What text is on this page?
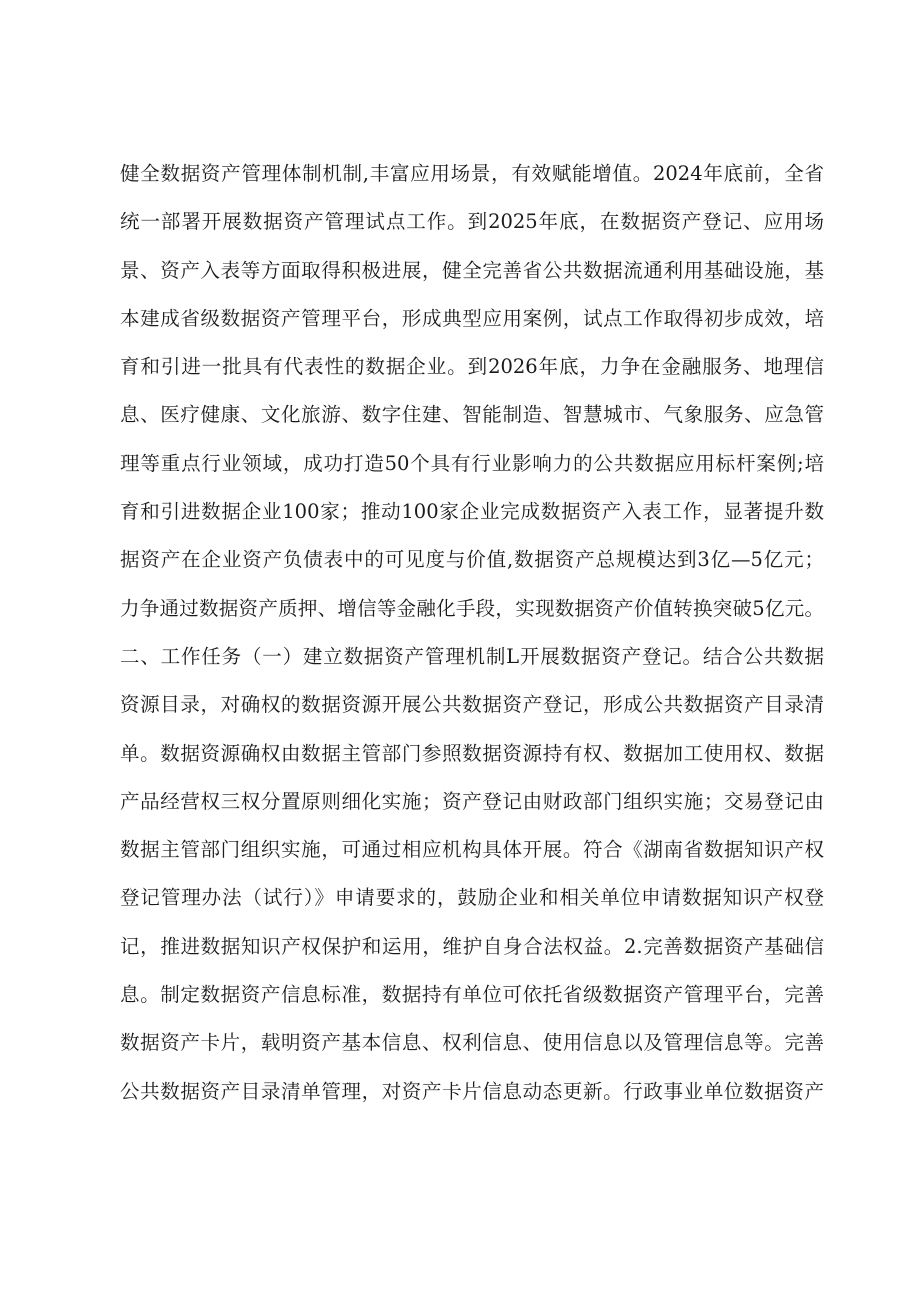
健全数据资产管理体制机制,丰富应用场景，有效赋能增值。2024年底前，全省
统一部署开展数据资产管理试点工作。到2025年底，在数据资产登记、应用场
景、资产入表等方面取得积极进展，健全完善省公共数据流通利用基础设施，基
本建成省级数据资产管理平台，形成典型应用案例，试点工作取得初步成效，培
育和引进一批具有代表性的数据企业。到2026年底，力争在金融服务、地理信
息、医疗健康、文化旅游、数字住建、智能制造、智慧城市、气象服务、应急管
理等重点行业领域，成功打造50个具有行业影响力的公共数据应用标杆案例;培
育和引进数据企业100家；推动100家企业完成数据资产入表工作，显著提升数
据资产在企业资产负债表中的可见度与价值,数据资产总规模达到3亿—5亿元；
力争通过数据资产质押、增信等金融化手段，实现数据资产价值转换突破5亿元。
二、工作任务（一）建立数据资产管理机制L开展数据资产登记。结合公共数据
资源目录，对确权的数据资源开展公共数据资产登记，形成公共数据资产目录清
单。数据资源确权由数据主管部门参照数据资源持有权、数据加工使用权、数据
产品经营权三权分置原则细化实施；资产登记由财政部门组织实施；交易登记由
数据主管部门组织实施，可通过相应机构具体开展。符合《湖南省数据知识产权
登记管理办法（试行）》申请要求的，鼓励企业和相关单位申请数据知识产权登
记，推进数据知识产权保护和运用，维护自身合法权益。2.完善数据资产基础信
息。制定数据资产信息标准，数据持有单位可依托省级数据资产管理平台，完善
数据资产卡片，载明资产基本信息、权利信息、使用信息以及管理信息等。完善
公共数据资产目录清单管理，对资产卡片信息动态更新。行政事业单位数据资产
